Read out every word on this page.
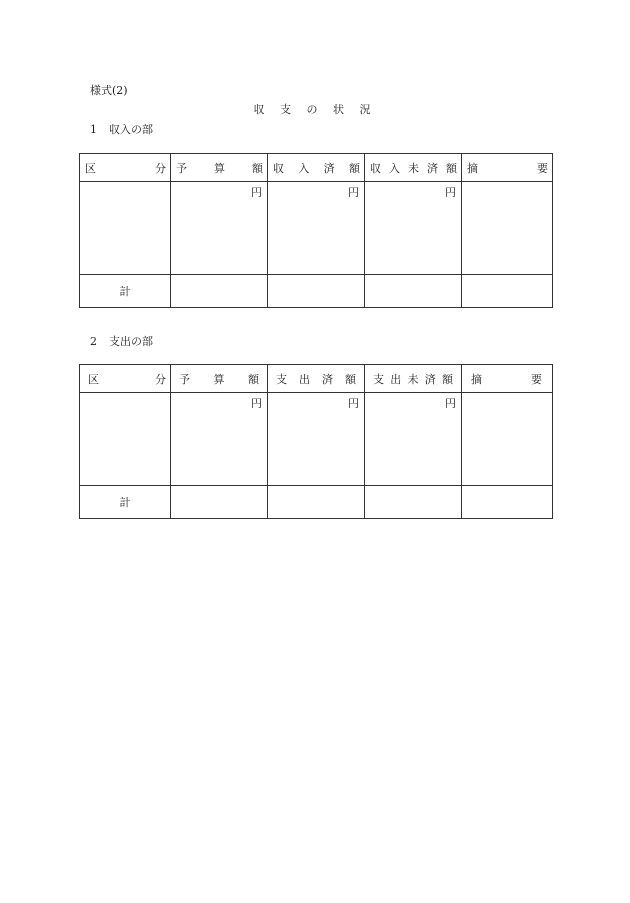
様式(2)
収 支 の 状 況
1 収入の部
区 分	予 算 額	収 入 済 額	収 入 未 済 額	摘 要

	円	円	円	

計				

2 支出の部
区 分	予 算 額	支 出 済 額	支 出 未 済 額	摘 要

	円	円	円	

計				
